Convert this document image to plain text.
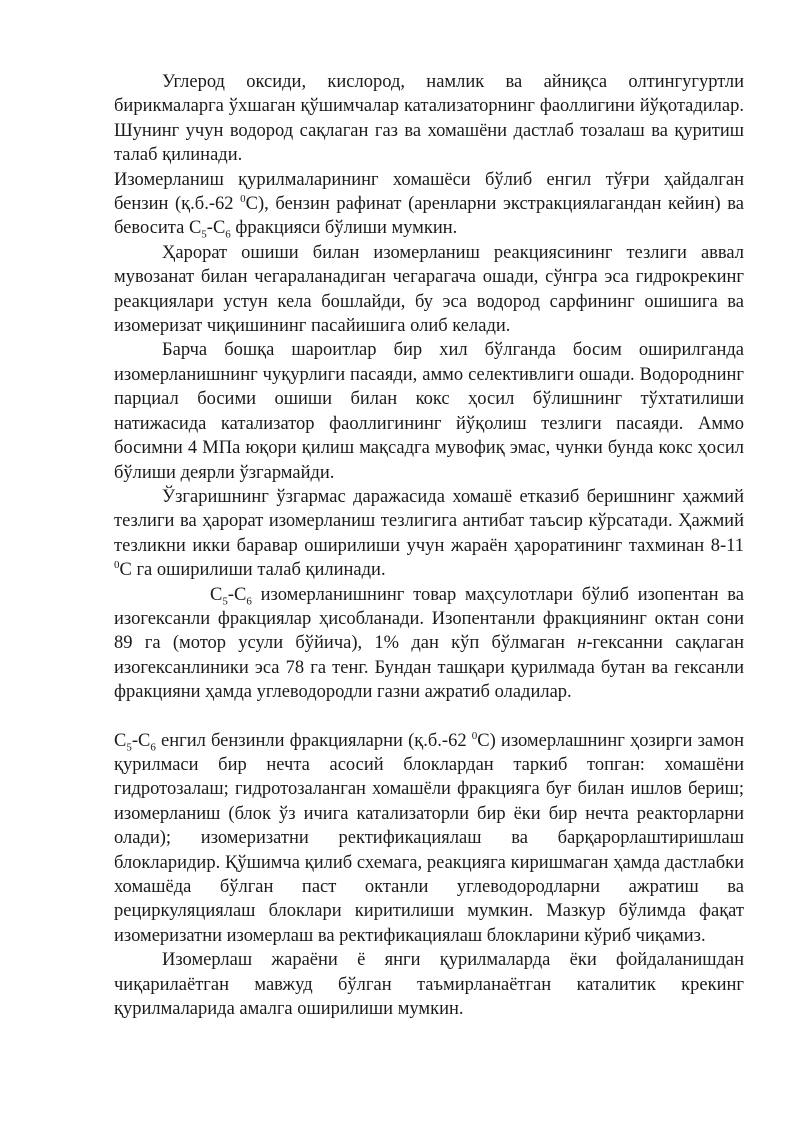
Углерод оксиди, кислород, намлик ва айниқса олтингугуртли бирикмаларга ўхшаган қўшимчалар катализаторнинг фаоллигини йўқотадилар. Шунинг учун водород сақлаган газ ва хомашёни дастлаб тозалаш ва қуритиш талаб қилинади.

Изомерланиш қурилмаларининг хомашёси бўлиб енгил тўғри ҳайдалган бензин (қ.б.-62 $^0$С), бензин рафинат (аренларни экстракциялагандан кейин) ва бевосита $С_5-С_6$ фракцияси бўлиши мумкин.

Ҳарорат ошиши билан изомерланиш реакциясининг тезлиги аввал мувозанат билан чегараланадиган чегарагача ошади, сўнгра эса гидрокрекинг реакциялари устун кела бошлайди, бу эса водород сарфининг ошишига ва изомеризат чиқишининг пасайишига олиб келади.

Барча бошқа шароитлар бир хил бўлганда босим оширилганда изомерланишнинг чуқурлиги пасаяди, аммо селективлиги ошади. Водороднинг парциал босими ошиши билан кокс ҳосил бўлишнинг тўхтатилиши натижасида катализатор фаоллигининг йўқолиш тезлиги пасаяди. Аммо босимни 4 МПа юқори қилиш мақсадга мувофиқ эмас, чунки бунда кокс ҳосил бўлиши деярли ўзгармайди.

Ўзгаришнинг ўзгармас даражасида хомашё етказиб беришнинг ҳажмий тезлиги ва ҳарорат изомерланиш тезлигига антибат таъсир кўрсатади. Ҳажмий тезликни икки баравар оширилиши учун жараён ҳароратининг тахминан 8-11 $^0$С га оширилиши талаб қилинади.

$С_5-С_6$ изомерланишнинг товар маҳсулотлари бўлиб изопентан ва изогексанли фракциялар ҳисобланади. Изопентанли фракциянинг октан сони 89 га (мотор усули бўйича), 1% дан кўп бўлмаган н-гексанни сақлаган изогексанлиники эса 78 га тенг. Бундан ташқари қурилмада бутан ва гексанли фракцияни ҳамда углеводородли газни ажратиб оладилар.

$С_5-С_6$ енгил бензинли фракцияларни (қ.б.-62 $^0$С) изомерлашнинг ҳозирги замон қурилмаси бир нечта асосий блоклардан таркиб топган: хомашёни гидротозалаш; гидротозаланган хомашёли фракцияга буғ билан ишлов бериш; изомерланиш (блок ўз ичига катализаторли бир ёки бир нечта реакторларни олади); изомеризатни ректификациялаш ва барқарорлаштиришлаш блокларидир. Қўшимча қилиб схемага, реакцияга киришмаган ҳамда дастлабки хомашёда бўлган паст октанли углеводородларни ажратиш ва рециркуляциялаш блоклари киритилиши мумкин. Мазкур бўлимда фақат изомеризатни изомерлаш ва ректификациялаш блокларини кўриб чиқамиз.

Изомерлаш жараёни ё янги қурилмаларда ёки фойдаланишдан чиқарилаётган мавжуд бўлган таъмирланаётган каталитик крекинг қурилмаларида амалга оширилиши мумкин.
